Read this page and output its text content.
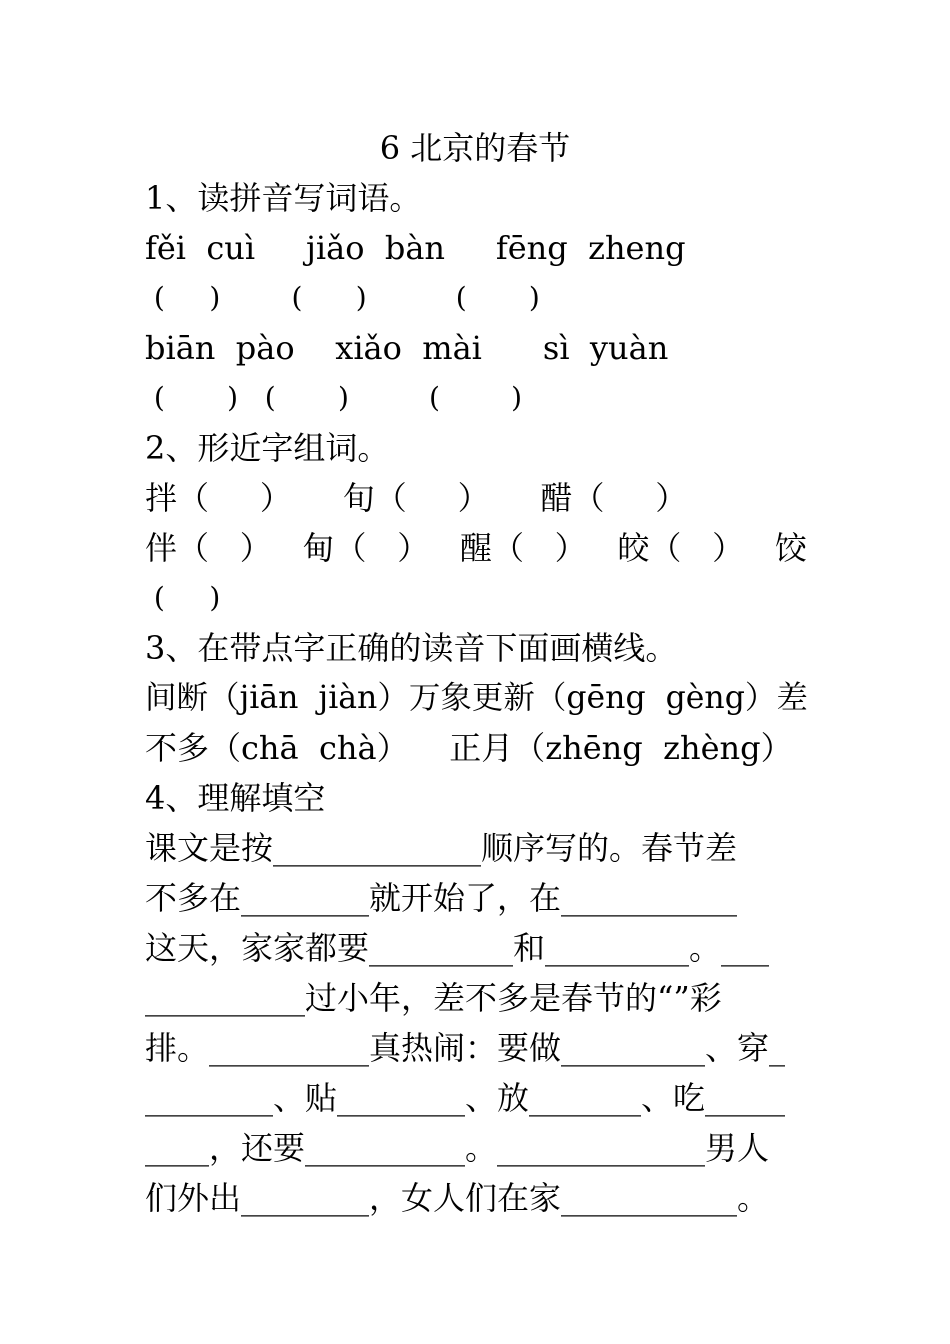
6 北京的春节
1、读拼音写词语。
fěi  cuì     jiǎo  bàn     fēng  zheng
(     )        (      )          (       )
biān  pào    xiǎo  mài      sì  yuàn
(       )   (       )         (        )
2、形近字组词。
拌（     ）     旬（     ）     醋（     ）
伴（ ） 甸（ ） 醒（ ） 皎（ ） 饺
(     )
3、在带点字正确的读音下面画横线。
间断（jiān  jiàn） 万象更新（gēng  gèng） 差
不多（chā  chà）    正月（zhēng  zhèng）
4、理解填空
课文是按_____________顺序写的。春节差
不多在________就开始了，在___________
这天，家家都要_________和_________。___
__________过小年，差不多是春节的“”彩
排。__________真热闹：要做_________、穿_
________、贴________、放_______、吃_____
____，还要__________。_____________男人
们外出________，女人们在家___________。
